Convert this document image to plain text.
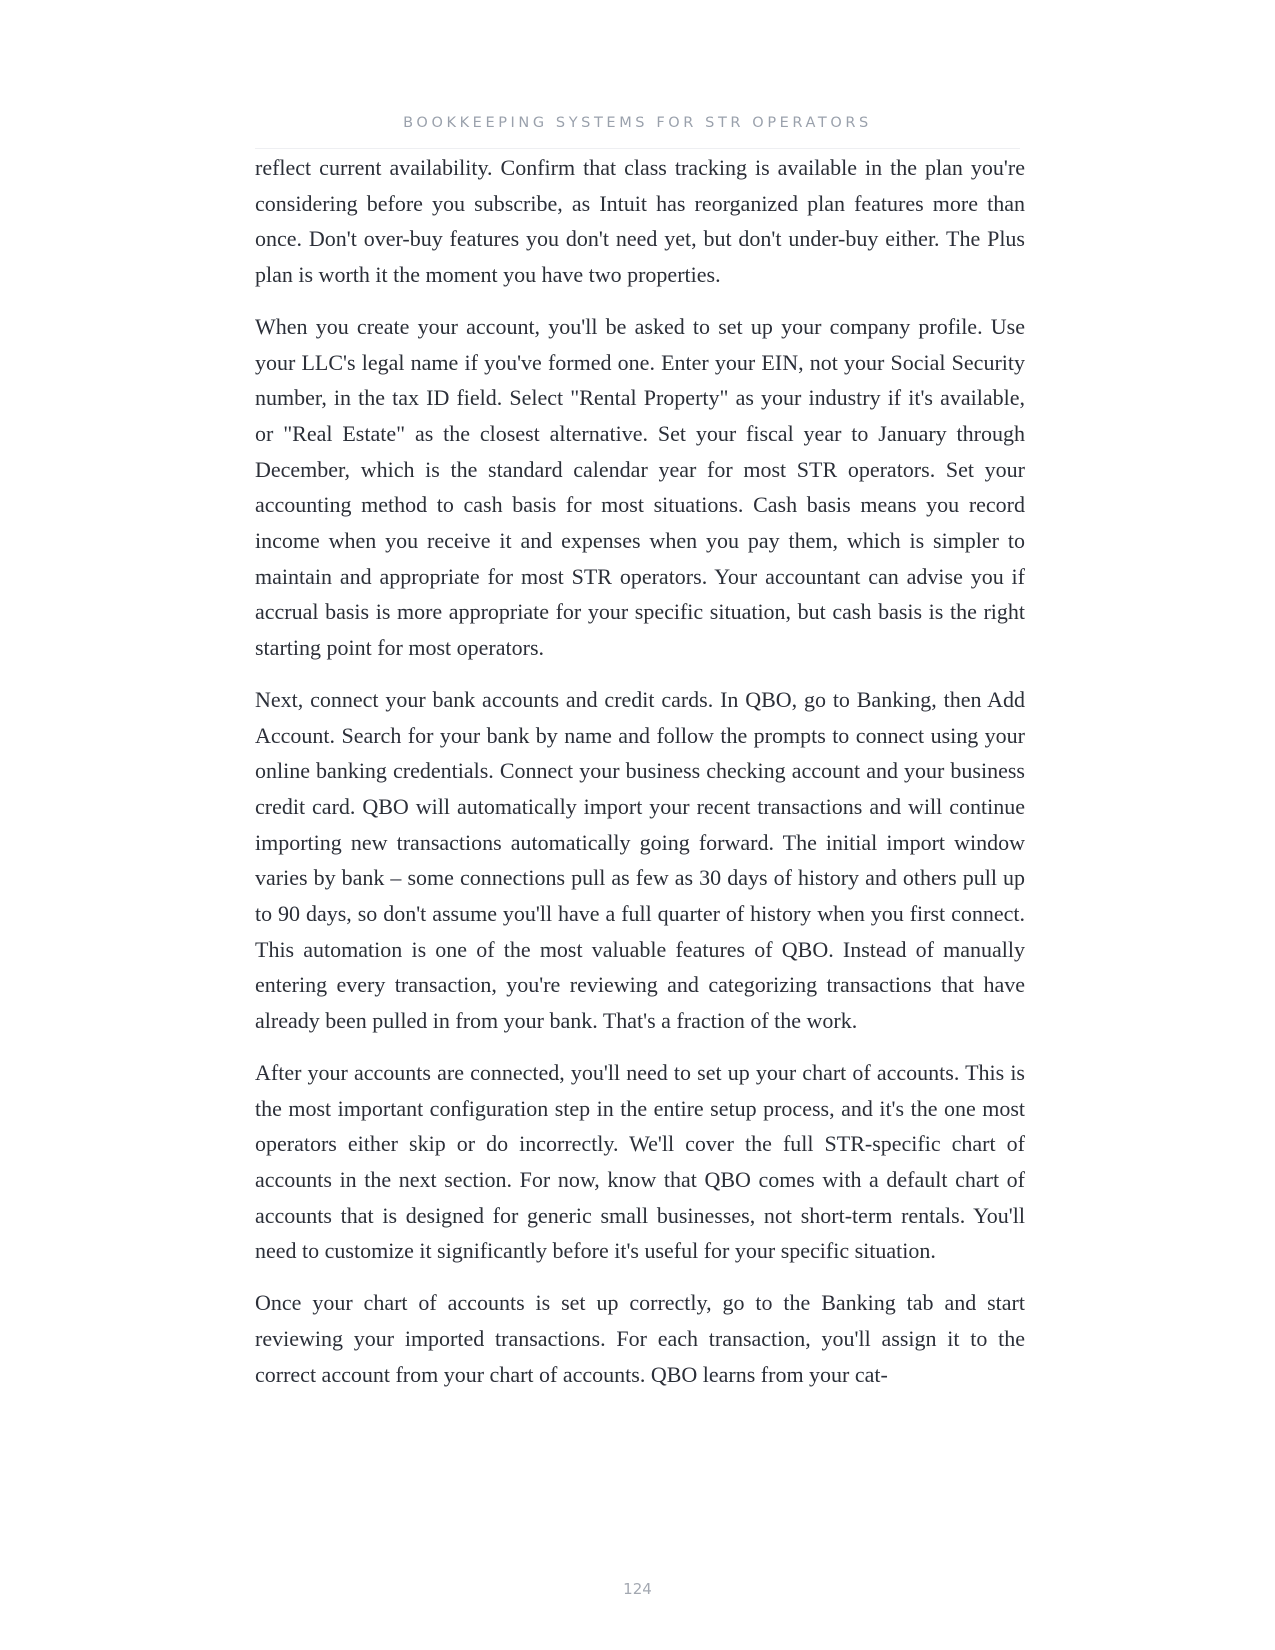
BOOKKEEPING SYSTEMS FOR STR OPERATORS

reflect current availability. Confirm that class tracking is available in the plan you're considering before you subscribe, as Intuit has reorganized plan features more than once. Don't over-buy features you don't need yet, but don't under-buy either. The Plus plan is worth it the moment you have two properties.

When you create your account, you'll be asked to set up your company profile. Use your LLC's legal name if you've formed one. Enter your EIN, not your Social Security number, in the tax ID field. Select "Rental Property" as your industry if it's available, or "Real Estate" as the closest alternative. Set your fiscal year to January through December, which is the standard calendar year for most STR operators. Set your accounting method to cash basis for most situations. Cash basis means you record income when you receive it and expenses when you pay them, which is simpler to maintain and appropriate for most STR operators. Your accountant can advise you if accrual basis is more appropriate for your specific situation, but cash basis is the right starting point for most operators.

Next, connect your bank accounts and credit cards. In QBO, go to Banking, then Add Account. Search for your bank by name and follow the prompts to connect using your online banking credentials. Connect your business checking account and your business credit card. QBO will automatically import your recent transactions and will continue importing new transactions automatically going forward. The initial import window varies by bank – some connections pull as few as 30 days of history and others pull up to 90 days, so don't assume you'll have a full quarter of history when you first connect. This automation is one of the most valuable features of QBO. Instead of manually entering every transaction, you're reviewing and categorizing transactions that have already been pulled in from your bank. That's a fraction of the work.

After your accounts are connected, you'll need to set up your chart of accounts. This is the most important configuration step in the entire setup process, and it's the one most operators either skip or do incorrectly. We'll cover the full STR-specific chart of accounts in the next section. For now, know that QBO comes with a default chart of accounts that is designed for generic small businesses, not short-term rentals. You'll need to customize it significantly before it's useful for your specific situation.

Once your chart of accounts is set up correctly, go to the Banking tab and start reviewing your imported transactions. For each transaction, you'll assign it to the correct account from your chart of accounts. QBO learns from your cat-

124
